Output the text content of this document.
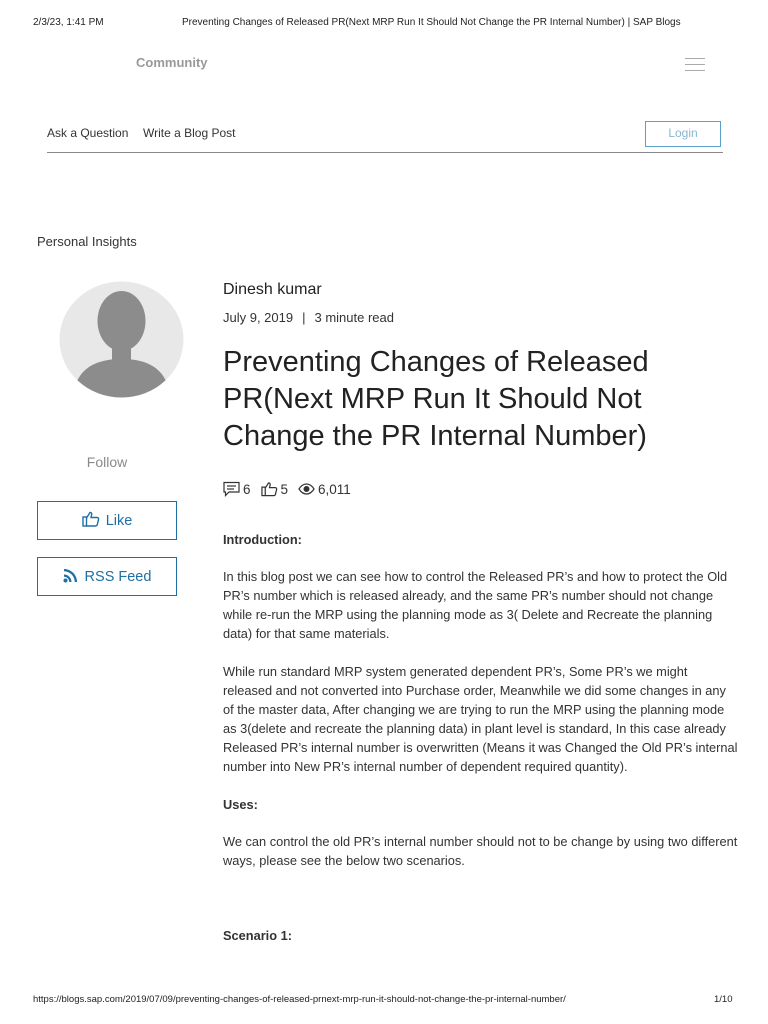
2/3/23, 1:41 PM	Preventing Changes of Released PR(Next MRP Run It Should Not Change the PR Internal Number) | SAP Blogs
Community
Ask a Question Write a Blog Post	Login
Personal Insights
Follow
Like
RSS Feed
Dinesh kumar
July 9, 2019 | 3 minute read
Preventing Changes of Released PR(Next MRP Run It Should Not Change the PR Internal Number)
6 5 6,011
Introduction:

In this blog post we can see how to control the Released PR’s and how to protect the Old PR’s number which is released already, and the same PR’s number should not change while re-run the MRP using the planning mode as 3( Delete and Recreate the planning data) for that same materials.

While run standard MRP system generated dependent PR’s, Some PR’s we might released and not converted into Purchase order, Meanwhile we did some changes in any of the master data, After changing we are trying to run the MRP using the planning mode as 3(delete and recreate the planning data) in plant level is standard, In this case already Released PR’s internal number is overwritten (Means it was Changed the Old PR’s internal number into New PR’s internal number of dependent required quantity).

Uses:

We can control the old PR’s internal number should not to be change by using two different ways, please see the below two scenarios.

Scenario 1:
https://blogs.sap.com/2019/07/09/preventing-changes-of-released-prnext-mrp-run-it-should-not-change-the-pr-internal-number/	1/10
